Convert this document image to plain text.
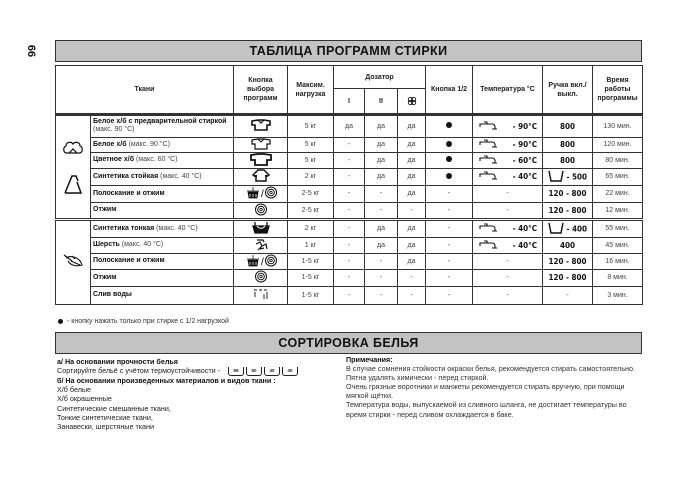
66	ТАБЛИЦА ПРОГРАММ СТИРКИ
Ткани	Кнопка выбора программ	Максим. нагрузка	Дозатор			Кнопка 1/2	Температура °С	Ручка вкл./выкл.	Время работы программы
			I	II	
	Белое х/б с предварительной стиркой (макс. 90 °С)		5 кг	да	да	да		- 90°С	800	130 мин.
	Белое х/б (макс. 90 °С)		5 кг	-	да	да		- 90°С	800	120 мин.
	Цветное х/б (макс. 60 °С)		5 кг	-	да	да		- 60°С	800	80 мин.
	Синтетика стойкая (макс. 40 °С)		2 кг	-	да	да		- 40°С	- 500	65 мин.
	Полоскание и отжим	/	2-5 кг	-	-	да	-	-	120 - 800	22 мин.
	Отжим		2-5 кг	-	-	-	-	-	120 - 800	12 мин.

	Синтетика тонкая (макс. 40 °С)		2 кг	-	да	да	-	- 40°С	- 400	55 мин.
	Шерсть (макс. 40 °С)		1 кг	-	да	да	-	- 40°С	400	45 мин.
	Полоскание и отжим	/	1-5 кг	-	-	да	-	-	120 - 800	16 мин.
	Отжим		1-5 кг	-	-	-	-	-	120 - 800	8 мин.
	Слив воды		1-5 кг	-	-	-	-	-	-	3 мин.
- кнопку нажать только при стирке с 1/2 нагрузкой
СОРТИРОВКА БЕЛЬЯ
а/ На основании прочности белья
Сортируйте бельё с учётом термоустойчивости -	95	60	40	30
б/ На основании произведенных материалов и видов ткани :
Х/б белые
Х/б окрашенные
Синтетические смешанные ткани,
Тонкие синтетические ткани,
Занавески, шерстяные ткани
Примечания:
В случае сомнения стойкости окраски белья, рекомендуется стирать самостоятельно.
Пятна удалять химически - перед стиркой.
Очень грязные воротники и манжеты рекомендуется стирать вручную, при помощи мягкой щётки.
Температура воды, выпускаемой из сливного шланга, не достигает температуры во время стирки - перед сливом охлаждается в баке.
